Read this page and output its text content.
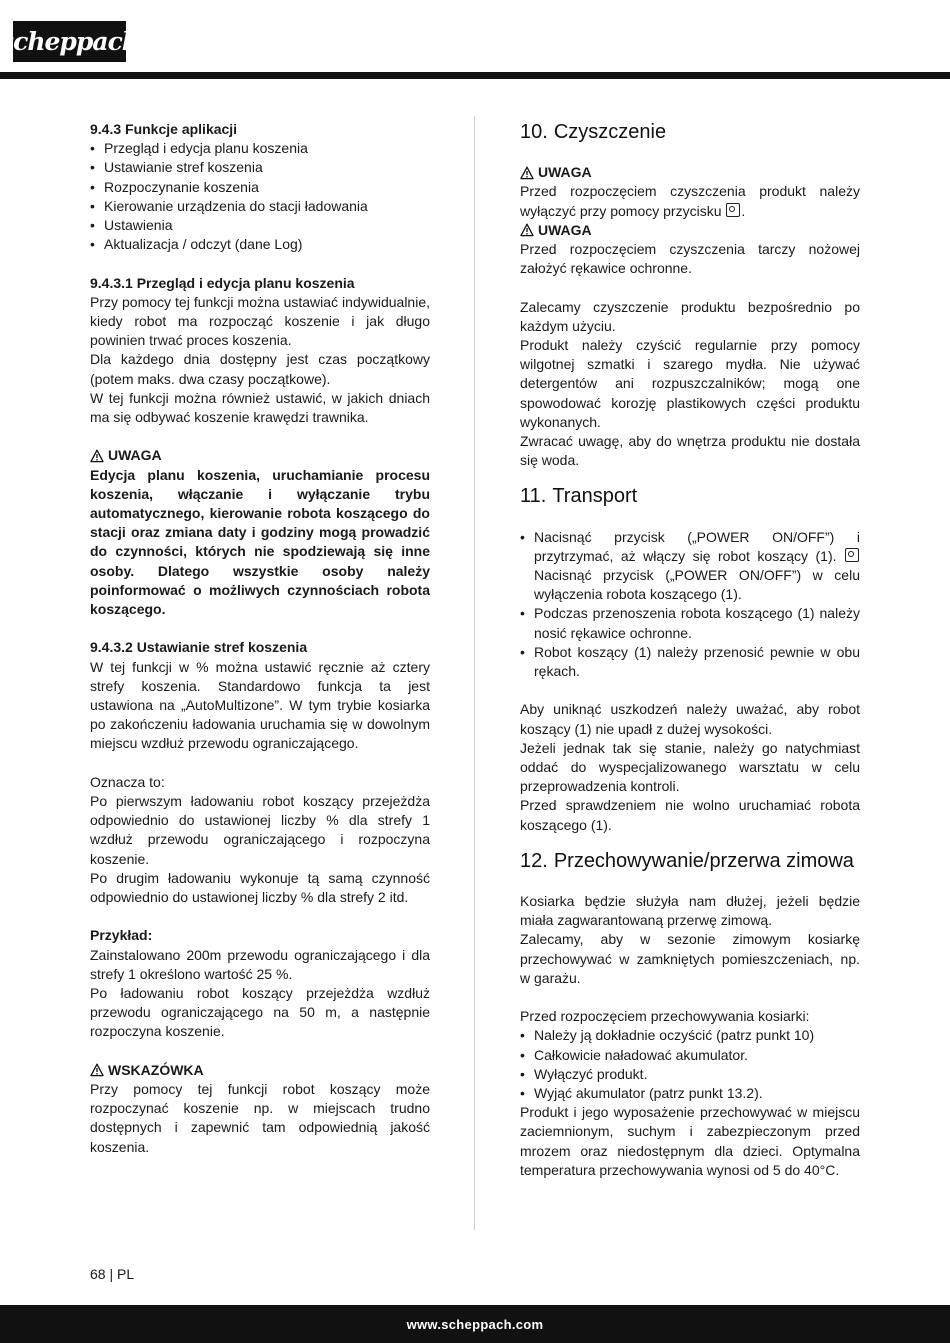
scheppach

9.4.3 Funkcje aplikacji

• Przegląd i edycja planu koszenia
• Ustawianie stref koszenia
• Rozpoczynanie koszenia
• Kierowanie urządzenia do stacji ładowania
• Ustawienia
• Aktualizacja / odczyt (dane Log)

9.4.3.1 Przegląd i edycja planu koszenia

Przy pomocy tej funkcji można ustawiać indywidualnie, kiedy robot ma rozpocząć koszenie i jak długo powinien trwać proces koszenia.

Dla każdego dnia dostępny jest czas początkowy (potem maks. dwa czasy początkowe).

W tej funkcji można również ustawić, w jakich dniach ma się odbywać koszenie krawędzi trawnika.

UWAGA

Edycja planu koszenia, uruchamianie procesu koszenia, włączanie i wyłączanie trybu automatycznego, kierowanie robota koszącego do stacji oraz zmiana daty i godziny mogą prowadzić do czynności, których nie spodziewają się inne osoby. Dlatego wszystkie osoby należy poinformować o możliwych czynnościach robota koszącego.

9.4.3.2 Ustawianie stref koszenia

W tej funkcji w % można ustawić ręcznie aż cztery strefy koszenia. Standardowo funkcja ta jest ustawiona na „AutoMultizone”. W tym trybie kosiarka po zakończeniu ładowania uruchamia się w dowolnym miejscu wzdłuż przewodu ograniczającego.

Oznacza to:

Po pierwszym ładowaniu robot koszący przejeżdża odpowiednio do ustawionej liczby % dla strefy 1 wzdłuż przewodu ograniczającego i rozpoczyna koszenie.

Po drugim ładowaniu wykonuje tą samą czynność odpowiednio do ustawionej liczby % dla strefy 2 itd.

Przykład:

Zainstalowano 200m przewodu ograniczającego i dla strefy 1 określono wartość 25 %.

Po ładowaniu robot koszący przejeżdża wzdłuż przewodu ograniczającego na 50 m, a następnie rozpoczyna koszenie.

WSKAZÓWKA

Przy pomocy tej funkcji robot koszący może rozpoczynać koszenie np. w miejscach trudno dostępnych i zapewnić tam odpowiednią jakość koszenia.

10. Czyszczenie

UWAGA

Przed rozpoczęciem czyszczenia produkt należy wyłączyć przy pomocy przycisku .

UWAGA

Przed rozpoczęciem czyszczenia tarczy nożowej założyć rękawice ochronne.

Zalecamy czyszczenie produktu bezpośrednio po każdym użyciu.

Produkt należy czyścić regularnie przy pomocy wilgotnej szmatki i szarego mydła. Nie używać detergentów ani rozpuszczalników; mogą one spowodować korozję plastikowych części produktu wykonanych.

Zwracać uwagę, aby do wnętrza produktu nie dostała się woda.

11. Transport
• Nacisnąć przycisk („POWER ON/OFF”) i przytrzymać, aż włączy się robot koszący (1). Nacisnąć przycisk („POWER ON/OFF”) w celu wyłączenia robota koszącego (1).
• Podczas przenoszenia robota koszącego (1) należy nosić rękawice ochronne.
• Robot koszący (1) należy przenosić pewnie w obu rękach.

Aby uniknąć uszkodzeń należy uważać, aby robot koszący (1) nie upadł z dużej wysokości.

Jeżeli jednak tak się stanie, należy go natychmiast oddać do wyspecjalizowanego warsztatu w celu przeprowadzenia kontroli.

Przed sprawdzeniem nie wolno uruchamiać robota koszącego (1).

12. Przechowywanie/przerwa zimowa

Kosiarka będzie służyła nam dłużej, jeżeli będzie miała zagwarantowaną przerwę zimową.

Zalecamy, aby w sezonie zimowym kosiarkę przechowywać w zamkniętych pomieszczeniach, np. w garażu.

Przed rozpoczęciem przechowywania kosiarki:

• Należy ją dokładnie oczyścić (patrz punkt 10)
• Całkowicie naładować akumulator.
• Wyłączyć produkt.
• Wyjąć akumulator (patrz punkt 13.2).

Produkt i jego wyposażenie przechowywać w miejscu zaciemnionym, suchym i zabezpieczonym przed mrozem oraz niedostępnym dla dzieci. Optymalna temperatura przechowywania wynosi od 5 do 40°C.

68 | PL
www.scheppach.com
